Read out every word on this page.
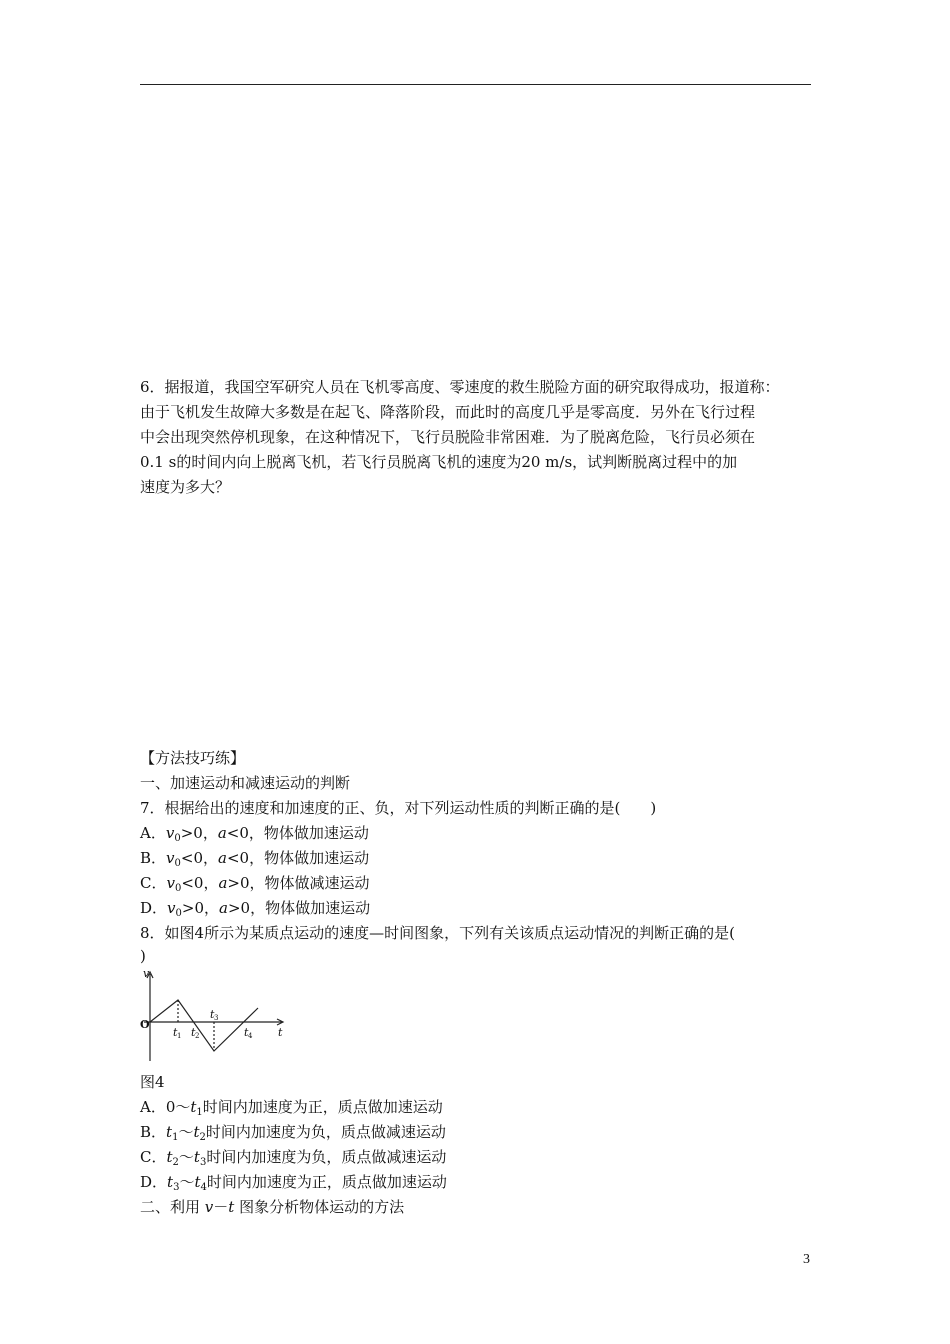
6．据报道，我国空军研究人员在飞机零高度、零速度的救生脱险方面的研究取得成功，报道称：
由于飞机发生故障大多数是在起飞、降落阶段，而此时的高度几乎是零高度．另外在飞行过程
中会出现突然停机现象，在这种情况下，飞行员脱险非常困难．为了脱离危险，飞行员必须在
0.1 s的时间内向上脱离飞机，若飞行员脱离飞机的速度为20 m/s，试判断脱离过程中的加
速度为多大？
【方法技巧练】
一、加速运动和减速运动的判断
7．根据给出的速度和加速度的正、负，对下列运动性质的判断正确的是(　　)
A．$v_0>0$，a<0，物体做加速运动
B．$v_0<0$，a<0，物体做加速运动
C．$v_0<0$，a>0，物体做减速运动
D．$v_0>0$，a>0，物体做加速运动
8．如图4所示为某质点运动的速度—时间图象，下列有关该质点运动情况的判断正确的是(
)
v
O
t
t 1 t 2
t 3
t 4
图4
A．$0\sim t_1$时间内加速度为正，质点做加速运动
B．$t_1\sim t_2$时间内加速度为负，质点做减速运动
C．$t_2\sim t_3$时间内加速度为负，质点做减速运动
D．$t_3\sim t_4$时间内加速度为正，质点做加速运动
二、利用 v－t 图象分析物体运动的方法
3
